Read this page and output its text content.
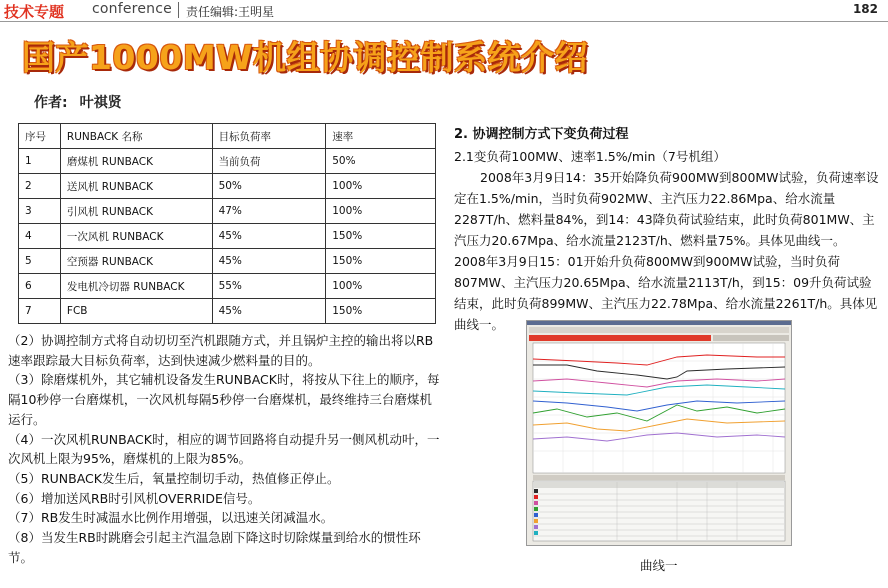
技术专题 conference 责任编辑:王明星	182
国产1000MW机组协调控制系统介绍
作者: 叶祺贤
序号	RUNBACK 名称	目标负荷率	速率
1	磨煤机 RUNBACK	当前负荷	50%
2	送风机 RUNBACK	50%	100%
3	引风机 RUNBACK	47%	100%
4	一次风机 RUNBACK	45%	150%
5	空预器 RUNBACK	45%	150%
6	发电机冷切器 RUNBACK	55%	100%
7	FCB	45%	150%

（2）协调控制方式将自动切切至汽机跟随方式，并且锅炉主控的输出将以RB速率跟踪最大目标负荷率，达到快速减少燃料量的目的。

（3）除磨煤机外，其它辅机设备发生RUNBACK时，将按从下往上的顺序，每隔10秒停一台磨煤机，一次风机每隔5秒停一台磨煤机，最终维持三台磨煤机运行。

（4）一次风机RUNBACK时，相应的调节回路将自动提升另一侧风机动叶，一次风机上限为95%，磨煤机的上限为85%。

（5）RUNBACK发生后，氧量控制切手动，热值修正停止。

（6）增加送风RB时引风机OVERRIDE信号。

（7）RB发生时减温水比例作用增强，以迅速关闭减温水。

（8）当发生RB时跳磨会引起主汽温急剧下降这时切除煤量到给水的惯性环节。

2. 协调控制方式下变负荷过程

2.1变负荷100MW、速率1.5%/min（7号机组）

2008年3月9日14：35开始降负荷900MW到800MW试验，负荷速率设定在1.5%/min，当时负荷902MW、主汽压力22.86Mpa、给水流量2287T/h、燃料量84%，到14：43降负荷试验结束，此时负荷801MW、主汽压力20.67Mpa、给水流量2123T/h、燃料量75%。具体见曲线一。

2008年3月9日15：01开始升负荷800MW到900MW试验，当时负荷807MW、主汽压力20.65Mpa、给水流量2113T/h，到15：09升负荷试验结束，此时负荷899MW、主汽压力22.78Mpa、给水流量2261T/h。具体见曲线一。

曲线一
